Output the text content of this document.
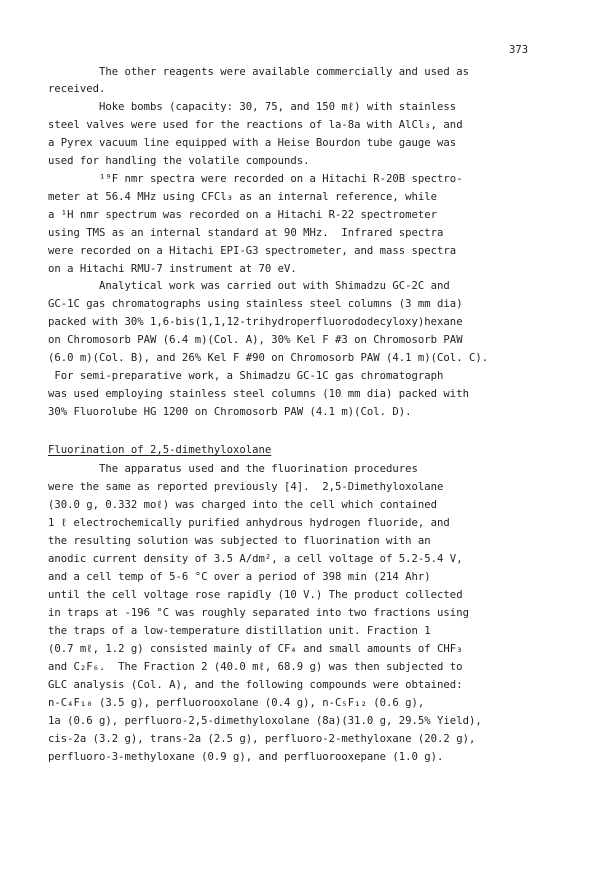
373
The other reagents were available commercially and used as
received.
Hoke bombs (capacity: 30, 75, and 150 mℓ) with stainless
steel valves were used for the reactions of la-8a with AlCl₃, and
a Pyrex vacuum line equipped with a Heise Bourdon tube gauge was
used for handling the volatile compounds.
¹⁹F nmr spectra were recorded on a Hitachi R-20B spectro-
meter at 56.4 MHz using CFCl₃ as an internal reference, while
a ¹H nmr spectrum was recorded on a Hitachi R-22 spectrometer
using TMS as an internal standard at 90 MHz.  Infrared spectra
were recorded on a Hitachi EPI-G3 spectrometer, and mass spectra
on a Hitachi RMU-7 instrument at 70 eV.
Analytical work was carried out with Shimadzu GC-2C and
GC-1C gas chromatographs using stainless steel columns (3 mm dia)
packed with 30% 1,6-bis(1,1,12-trihydroperfluorododecyloxy)hexane
on Chromosorb PAW (6.4 m)(Col. A), 30% Kel F #3 on Chromosorb PAW
(6.0 m)(Col. B), and 26% Kel F #90 on Chromosorb PAW (4.1 m)(Col. C).
For semi-preparative work, a Shimadzu GC-1C gas chromatograph
was used employing stainless steel columns (10 mm dia) packed with
30% Fluorolube HG 1200 on Chromosorb PAW (4.1 m)(Col. D).
Fluorination of 2,5-dimethyloxolane
The apparatus used and the fluorination procedures
were the same as reported previously [4].  2,5-Dimethyloxolane
(30.0 g, 0.332 moℓ) was charged into the cell which contained
1 ℓ electrochemically purified anhydrous hydrogen fluoride, and
the resulting solution was subjected to fluorination with an
anodic current density of 3.5 A/dm², a cell voltage of 5.2-5.4 V,
and a cell temp of 5-6 °C over a period of 398 min (214 Ahr)
until the cell voltage rose rapidly (10 V.) The product collected
in traps at -196 °C was roughly separated into two fractions using
the traps of a low-temperature distillation unit. Fraction 1
(0.7 mℓ, 1.2 g) consisted mainly of CF₄ and small amounts of CHF₃
and C₂F₆.  The Fraction 2 (40.0 mℓ, 68.9 g) was then subjected to
GLC analysis (Col. A), and the following compounds were obtained:
n-C₄F₁₀ (3.5 g), perfluorooxolane (0.4 g), n-C₅F₁₂ (0.6 g),
1a (0.6 g), perfluoro-2,5-dimethyloxolane (8a)(31.0 g, 29.5% Yield),
cis-2a (3.2 g), trans-2a (2.5 g), perfluoro-2-methyloxane (20.2 g),
perfluoro-3-methyloxane (0.9 g), and perfluorooxepane (1.0 g).
